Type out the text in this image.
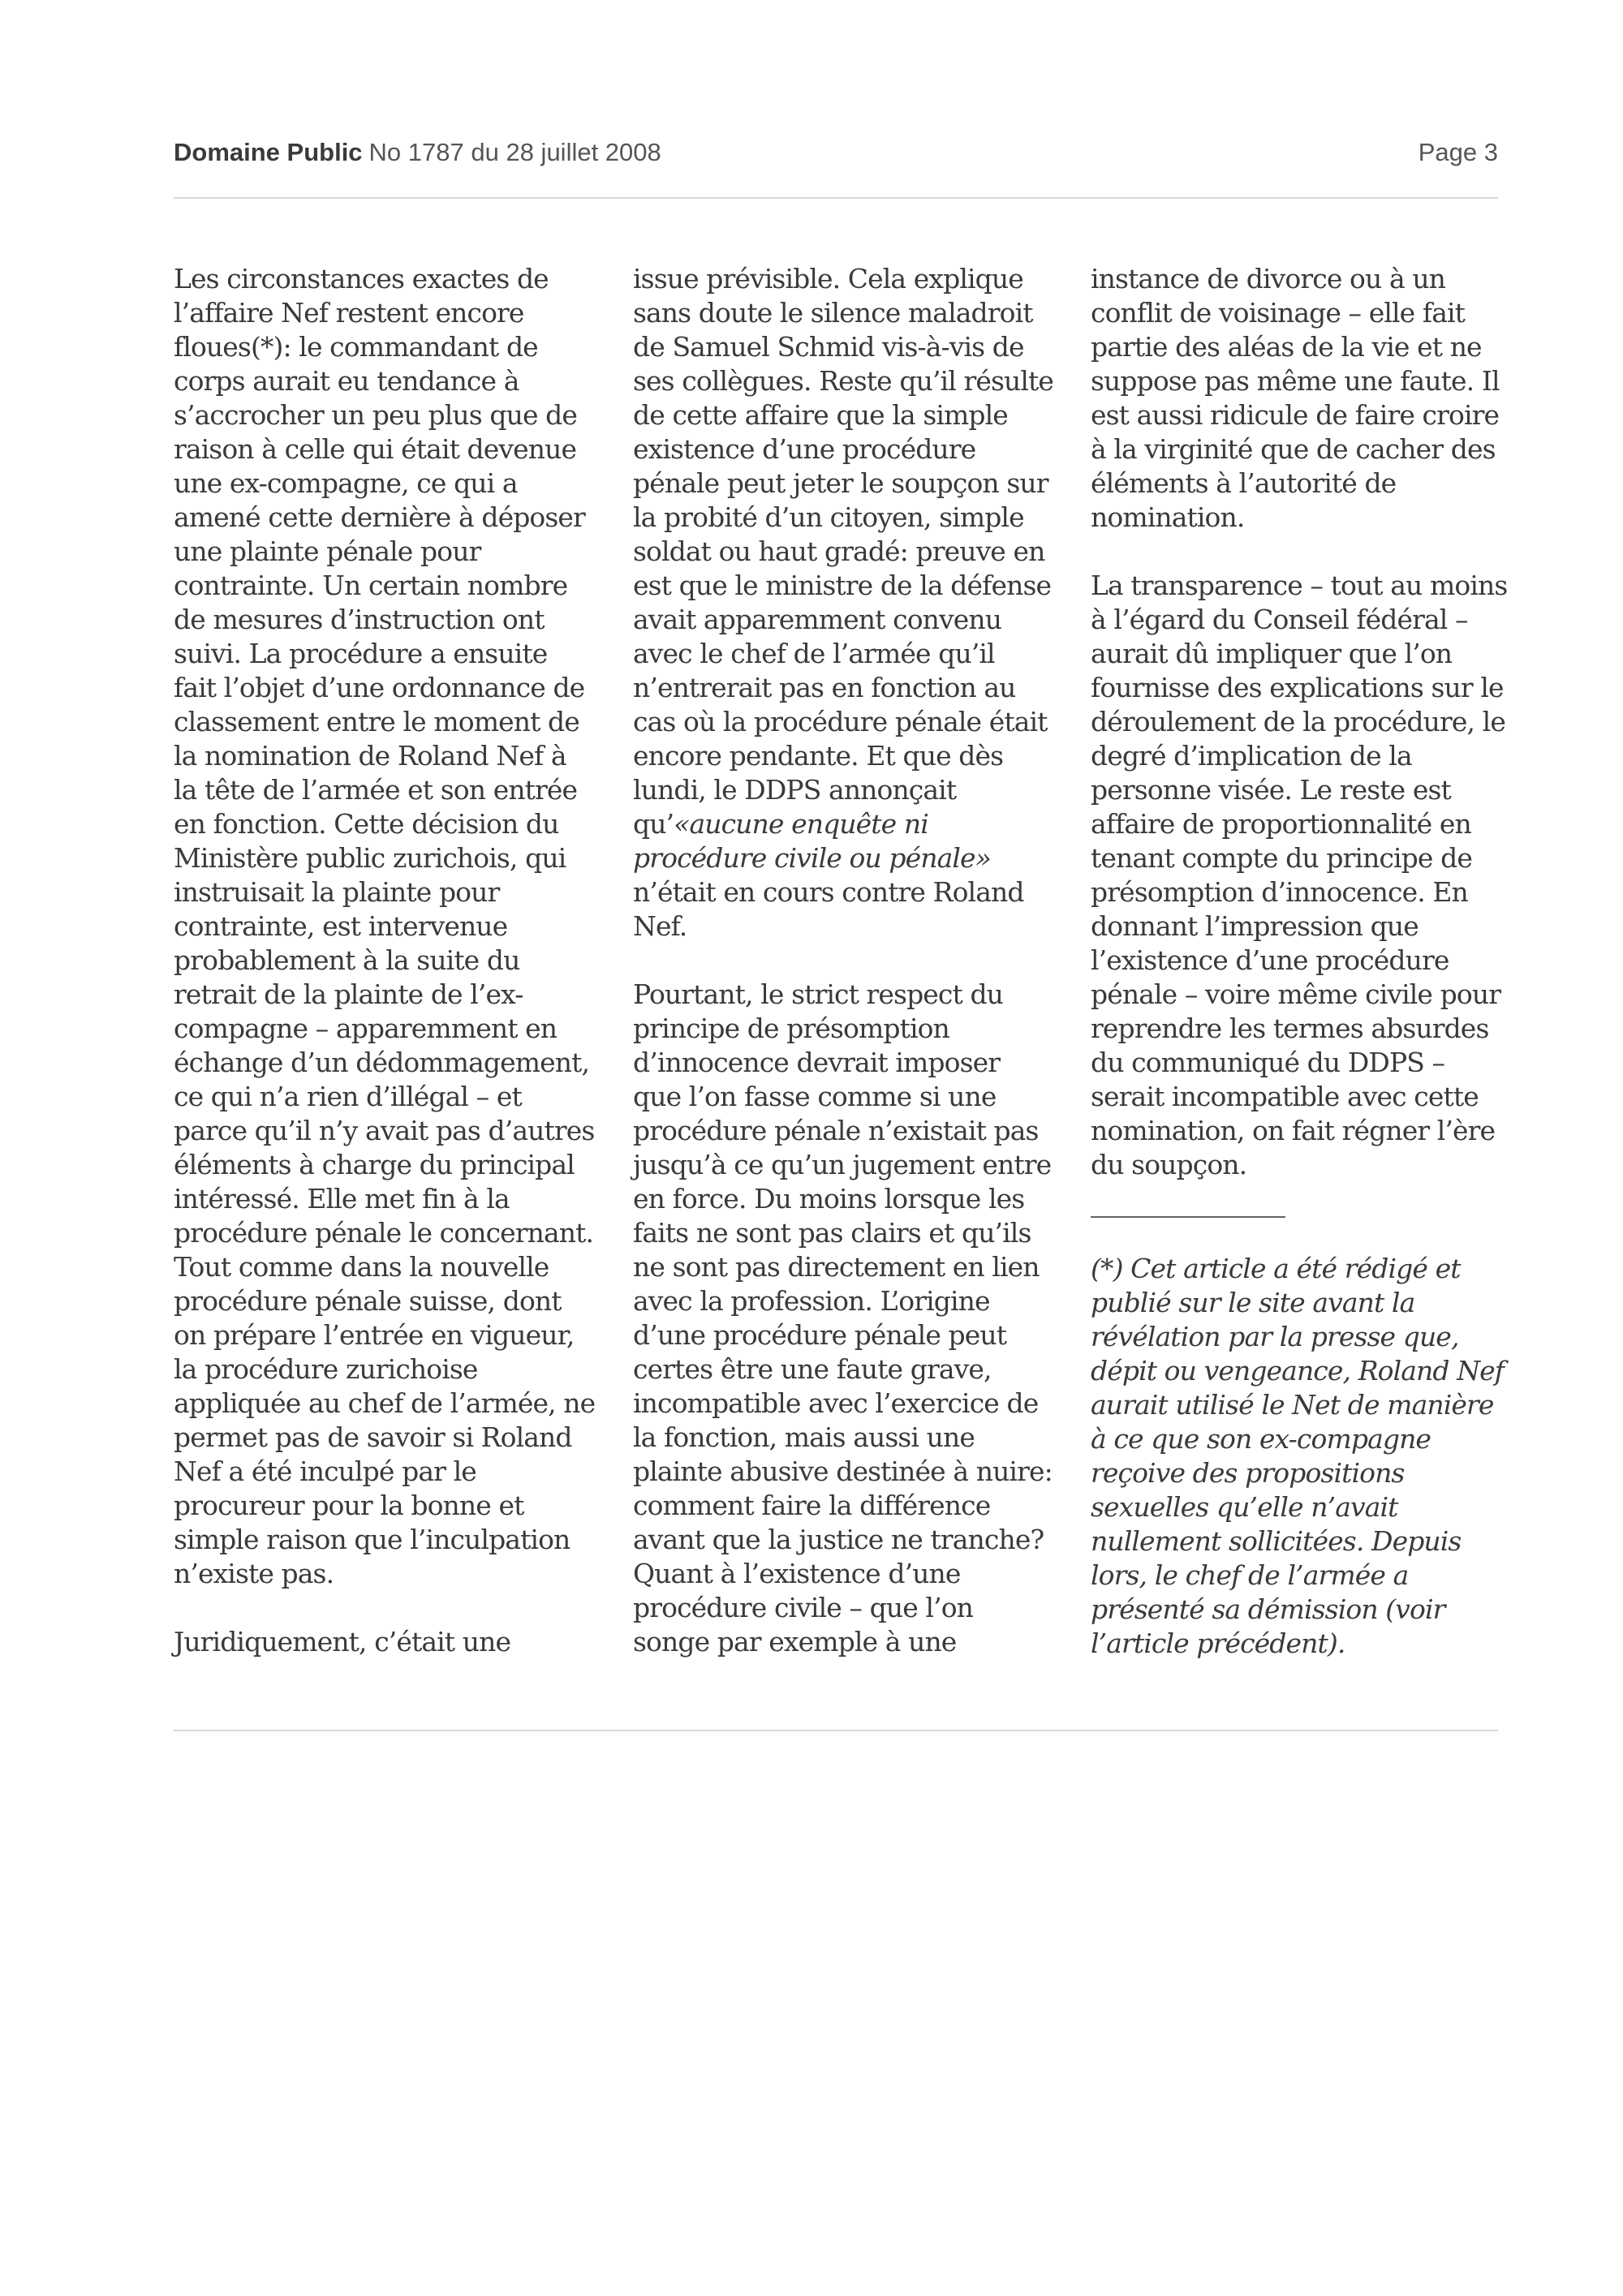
Domaine Public No 1787 du 28 juillet 2008	Page 3

Les circonstances exactes de l’affaire Nef restent encore floues(*): le commandant de corps aurait eu tendance à s’accrocher un peu plus que de raison à celle qui était devenue une ex-compagne, ce qui a amené cette dernière à déposer une plainte pénale pour contrainte. Un certain nombre de mesures d’instruction ont suivi. La procédure a ensuite fait l’objet d’une ordonnance de classement entre le moment de la nomination de Roland Nef à la tête de l’armée et son entrée en fonction. Cette décision du Ministère public zurichois, qui instruisait la plainte pour contrainte, est intervenue probablement à la suite du retrait de la plainte de l’ex-compagne – apparemment en échange d’un dédommagement, ce qui n’a rien d’illégal – et parce qu’il n’y avait pas d’autres éléments à charge du principal intéressé. Elle met fin à la procédure pénale le concernant. Tout comme dans la nouvelle procédure pénale suisse, dont on prépare l’entrée en vigueur, la procédure zurichoise appliquée au chef de l’armée, ne permet pas de savoir si Roland Nef a été inculpé par le procureur pour la bonne et simple raison que l’inculpation n’existe pas.

Juridiquement, c’était une

issue prévisible. Cela explique sans doute le silence maladroit de Samuel Schmid vis-à-vis de ses collègues. Reste qu’il résulte de cette affaire que la simple existence d’une procédure pénale peut jeter le soupçon sur la probité d’un citoyen, simple soldat ou haut gradé: preuve en est que le ministre de la défense avait apparemment convenu avec le chef de l’armée qu’il n’entrerait pas en fonction au cas où la procédure pénale était encore pendante. Et que dès lundi, le DDPS annonçait qu’«aucune enquête ni procédure civile ou pénale» n’était en cours contre Roland Nef.

Pourtant, le strict respect du principe de présomption d’innocence devrait imposer que l’on fasse comme si une procédure pénale n’existait pas jusqu’à ce qu’un jugement entre en force. Du moins lorsque les faits ne sont pas clairs et qu’ils ne sont pas directement en lien avec la profession. L’origine d’une procédure pénale peut certes être une faute grave, incompatible avec l’exercice de la fonction, mais aussi une plainte abusive destinée à nuire: comment faire la différence avant que la justice ne tranche? Quant à l’existence d’une procédure civile – que l’on songe par exemple à une

instance de divorce ou à un conflit de voisinage – elle fait partie des aléas de la vie et ne suppose pas même une faute. Il est aussi ridicule de faire croire à la virginité que de cacher des éléments à l’autorité de nomination.

La transparence – tout au moins à l’égard du Conseil fédéral – aurait dû impliquer que l’on fournisse des explications sur le déroulement de la procédure, le degré d’implication de la personne visée. Le reste est affaire de proportionnalité en tenant compte du principe de présomption d’innocence. En donnant l’impression que l’existence d’une procédure pénale – voire même civile pour reprendre les termes absurdes du communiqué du DDPS – serait incompatible avec cette nomination, on fait régner l’ère du soupçon.

(*) Cet article a été rédigé et publié sur le site avant la révélation par la presse que, dépit ou vengeance, Roland Nef aurait utilisé le Net de manière à ce que son ex-compagne reçoive des propositions sexuelles qu’elle n’avait nullement sollicitées. Depuis lors, le chef de l’armée a présenté sa démission (voir l’article précédent).
